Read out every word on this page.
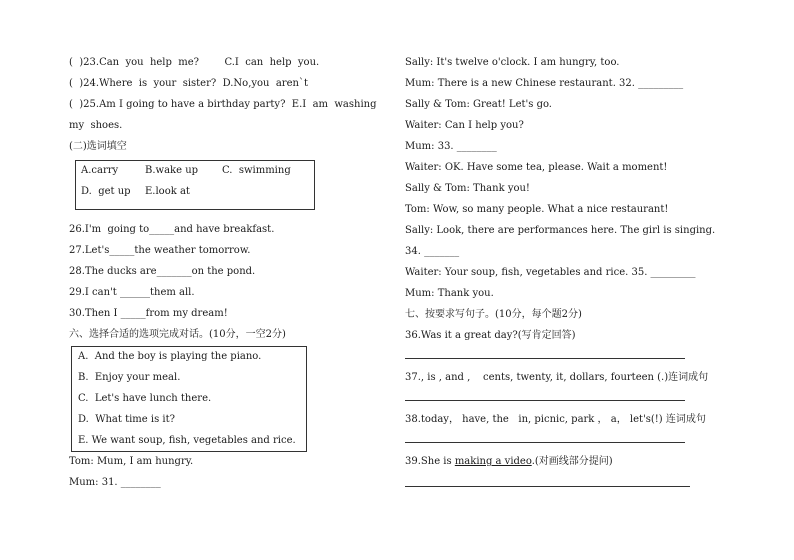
(  )23.Can  you  help  me?        C.I  can  help  you.
(  )24.Where  is  your  sister?  D.No,you  aren`t
(  )25.Am I going to have a birthday party?  E.I  am  washing
my  shoes.
(二)选词填空
A.carry	B.wake up C.  swimming
D.  get up E.look at
26.I'm  going to_____and have breakfast.
27.Let's_____the weather tomorrow.
28.The ducks are_______on the pond.
29.I can't ______them all.
30.Then I _____from my dream!
六、选择合适的选项完成对话。(10分，一空2分)
A.  And the boy is playing the piano.
B.  Enjoy your meal.
C.  Let's have lunch there.
D.  What time is it?
E. We want soup, fish, vegetables and rice.
Tom: Mum, I am hungry.
Mum: 31. ________
Sally: It's twelve o'clock. I am hungry, too.
Mum: There is a new Chinese restaurant. 32. _________
Sally & Tom: Great! Let's go.
Waiter: Can I help you?
Mum: 33. ________
Waiter: OK. Have some tea, please. Wait a moment!
Sally & Tom: Thank you!
Tom: Wow, so many people. What a nice restaurant!
Sally: Look, there are performances here. The girl is singing.
34. _______
Waiter: Your soup, fish, vegetables and rice. 35. _________
Mum: Thank you.
七、按要求写句子。(10分，每个题2分)
36.Was it a great day?(写肯定回答)
37., is , and ,    cents, twenty, it, dollars, fourteen (.)连词成句
38.today， have, the   in, picnic, park ， a， let's(!) 连词成句
39.She is making a video.(对画线部分提问)
